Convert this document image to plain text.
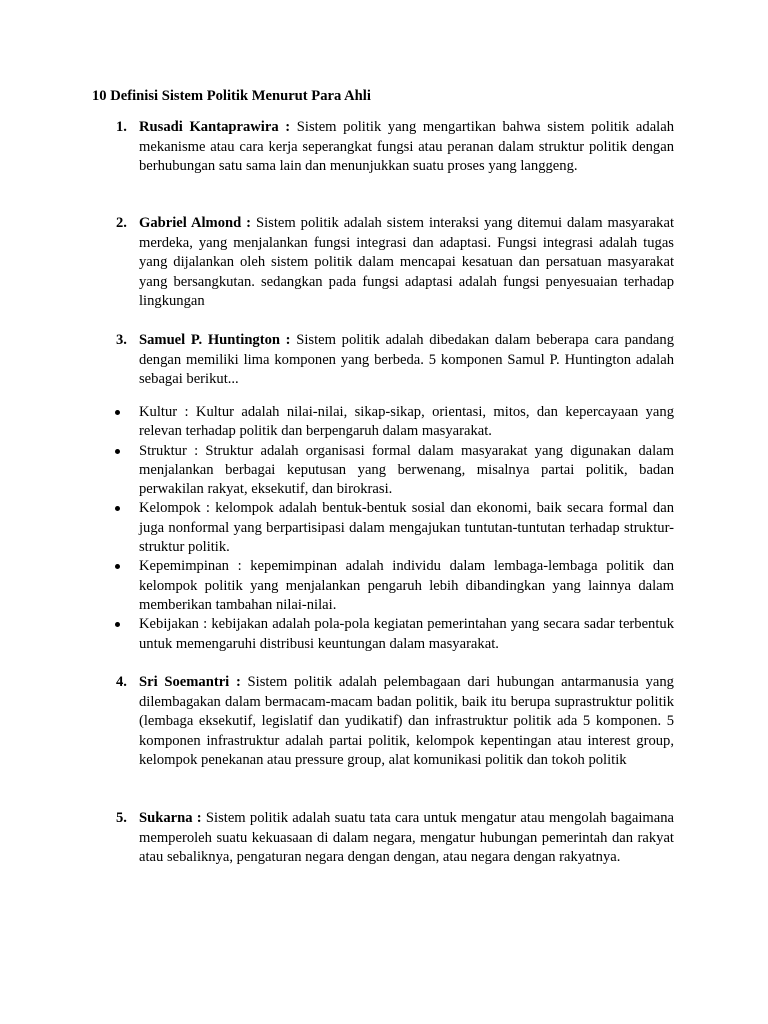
10 Definisi Sistem Politik Menurut Para Ahli
1. Rusadi Kantaprawira : Sistem politik yang mengartikan bahwa sistem politik adalah mekanisme atau cara kerja seperangkat fungsi atau peranan dalam struktur politik dengan berhubungan satu sama lain dan menunjukkan suatu proses yang langgeng.
2. Gabriel Almond : Sistem politik adalah sistem interaksi yang ditemui dalam masyarakat merdeka, yang menjalankan fungsi integrasi dan adaptasi. Fungsi integrasi adalah tugas yang dijalankan oleh sistem politik dalam mencapai kesatuan dan persatuan masyarakat yang bersangkutan. sedangkan pada fungsi adaptasi adalah fungsi penyesuaian terhadap lingkungan
3. Samuel P. Huntington : Sistem politik adalah dibedakan dalam beberapa cara pandang dengan memiliki lima komponen yang berbeda. 5 komponen Samul P. Huntington adalah sebagai berikut...
Kultur : Kultur adalah nilai-nilai, sikap-sikap, orientasi, mitos, dan kepercayaan yang relevan terhadap politik dan berpengaruh dalam masyarakat.
Struktur : Struktur adalah organisasi formal dalam masyarakat yang digunakan dalam menjalankan berbagai keputusan yang berwenang, misalnya partai politik, badan perwakilan rakyat, eksekutif, dan birokrasi.
Kelompok : kelompok adalah bentuk-bentuk sosial dan ekonomi, baik secara formal dan juga nonformal yang berpartisipasi dalam mengajukan tuntutan-tuntutan terhadap struktur-struktur politik.
Kepemimpinan : kepemimpinan adalah individu dalam lembaga-lembaga politik dan kelompok politik yang menjalankan pengaruh lebih dibandingkan yang lainnya dalam memberikan tambahan nilai-nilai.
Kebijakan : kebijakan adalah pola-pola kegiatan pemerintahan yang secara sadar terbentuk untuk memengaruhi distribusi keuntungan dalam masyarakat.
4. Sri Soemantri : Sistem politik adalah pelembagaan dari hubungan antarmanusia yang dilembagakan dalam bermacam-macam badan politik, baik itu berupa suprastruktur politik (lembaga eksekutif, legislatif dan yudikatif) dan infrastruktur politik ada 5 komponen. 5 komponen infrastruktur adalah partai politik, kelompok kepentingan atau interest group, kelompok penekanan atau pressure group, alat komunikasi politik dan tokoh politik
5. Sukarna : Sistem politik adalah suatu tata cara untuk mengatur atau mengolah bagaimana memperoleh suatu kekuasaan di dalam negara, mengatur hubungan pemerintah dan rakyat atau sebaliknya, pengaturan negara dengan dengan, atau negara dengan rakyatnya.
